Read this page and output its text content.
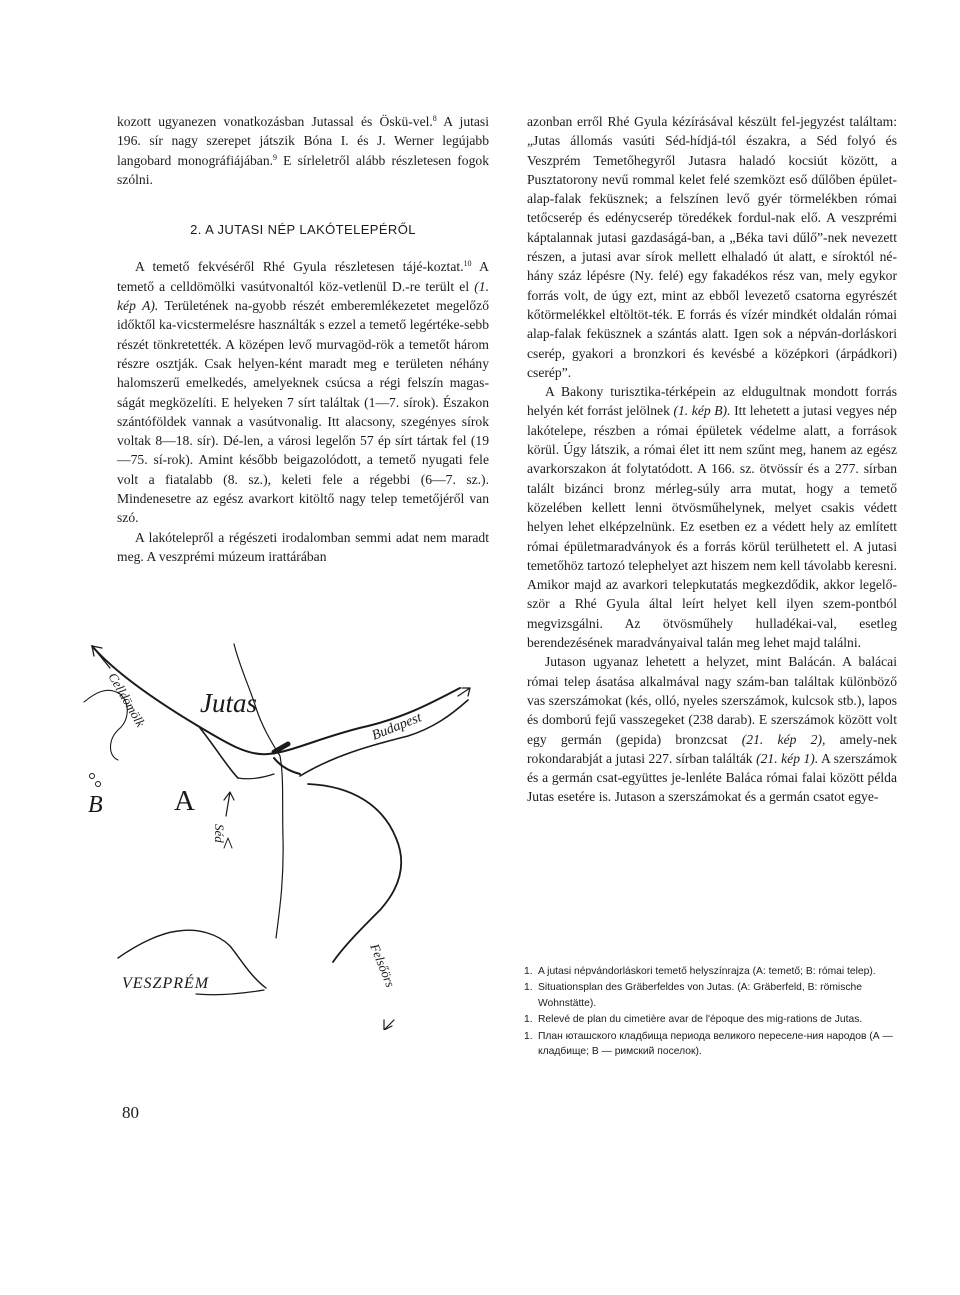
kozott ugyanezen vonatkozásban Jutassal és Öskü-vel.$^8$ A jutasi 196. sír nagy szerepet játszik Bóna I. és J. Werner legújabb langobard monográfiájában.$^9$ E sírleletről alább részletesen fogok szólni.

2. A JUTASI NÉP LAKÓTELEPÉRŐL

A temető fekvéséről Rhé Gyula részletesen tájé-koztat.$^{10}$ A temető a celldömölki vasútvonaltól köz-vetlenül D.-re terült el (1. kép A). Területének na-gyobb részét emberemlékezetet megelőző időktől ka-vicstermelésre használták s ezzel a temető legértéke-sebb részét tönkretették. A középen levő murvagöd-rök a temetőt három részre osztják. Csak helyen-ként maradt meg e területen néhány halomszerű emelkedés, amelyeknek csúcsa a régi felszín magas-ságát megközelíti. E helyeken 7 sírt találtak (1—7. sírok). Északon szántóföldek vannak a vasútvonalig. Itt alacsony, szegényes sírok voltak 8—18. sír). Dé-len, a városi legelőn 57 ép sírt tártak fel (19—75. sí-rok). Amint később beigazolódott, a temető nyugati fele volt a fiatalabb (8. sz.), keleti fele a régebbi (6—7. sz.). Mindenesetre az egész avarkort kitöltő nagy telep temetőjéről van szó.

A lakótelepről a régészeti irodalomban semmi adat nem maradt meg. A veszprémi múzeum irattárában

azonban erről Rhé Gyula kézírásával készült fel-jegyzést találtam: „Jutas állomás vasúti Séd-hídjá-tól északra, a Séd folyó és Veszprém Temetőhegyről Jutasra haladó kocsiút között, a Pusztatorony nevű rommal kelet felé szemközt eső dűlőben épület-alap-falak feküsznek; a felszínen levő gyér törmelékben római tetőcserép és edénycserép töredékek fordul-nak elő. A veszprémi káptalannak jutasi gazdaságá-ban, a „Béka tavi dűlő”-nek nevezett részen, a jutasi avar sírok mellett elhaladó út alatt, e síroktól né-hány száz lépésre (Ny. felé) egy fakadékos rész van, mely egykor forrás volt, de úgy ezt, mint az ebből levezető csatorna egyrészét kőtörmelékkel eltöltöt-ték. E forrás és vízér mindkét oldalán római alap-falak feküsznek a szántás alatt. Igen sok a népván-dorláskori cserép, gyakori a bronzkori és kevésbé a középkori (árpádkori) cserép”.

A Bakony turisztika-térképein az eldugultnak mondott forrás helyén két forrást jelölnek (1. kép B). Itt lehetett a jutasi vegyes nép lakótelepe, részben a római épületek védelme alatt, a források körül. Úgy látszik, a római élet itt nem szűnt meg, hanem az egész avarkorszakon át folytatódott. A 166. sz. ötvössír és a 277. sírban talált bizánci bronz mérleg-súly arra mutat, hogy a temető közelében kellett lenni ötvösműhelynek, melyet csakis védett helyen lehet elképzelnünk. Ez esetben ez a védett hely az említett római épületmaradványok és a forrás körül terülhetett el. A jutasi temetőhöz tartozó telephelyet azt hiszem nem kell távolabb keresni. Amikor majd az avarkori telepkutatás megkezdődik, akkor legelő-ször a Rhé Gyula által leírt helyet kell ilyen szem-pontból megvizsgálni. Az ötvösműhely hulladékai-val, esetleg berendezésének maradványaival talán meg lehet majd találni.

Jutason ugyanaz lehetett a helyzet, mint Balácán. A balácai római telep ásatása alkalmával nagy szám-ban találtak különböző vas szerszámokat (kés, olló, nyeles szerszámok, kulcsok stb.), lapos és domború fejű vasszegeket (238 darab). E szerszámok között volt egy germán (gepida) bronzcsat (21. kép 2), amely-nek rokondarabját a jutasi 227. sírban találták (21. kép 1). A szerszámok és a germán csat-együttes je-lenléte Baláca római falai között példa Jutas esetére is. Jutason a szerszámokat és a germán csatot egye-

Celldömölk Jutas
Budapest
B A
Séd
VESZPRÉM	Felsőörs	1. A jutasi népvándorláskori temető helyszínrajza (A: temető; B: római telep).
1. Situationsplan des Gräberfeldes von Jutas. (A: Gräberfeld, B: römische Wohnstätte).
1. Relevé de plan du cimetière avar de l'époque des mig-rations de Jutas.
1. План юташского кладбища периода великого переселе-ния народов (А — кладбище; В — римский поселок).
80
